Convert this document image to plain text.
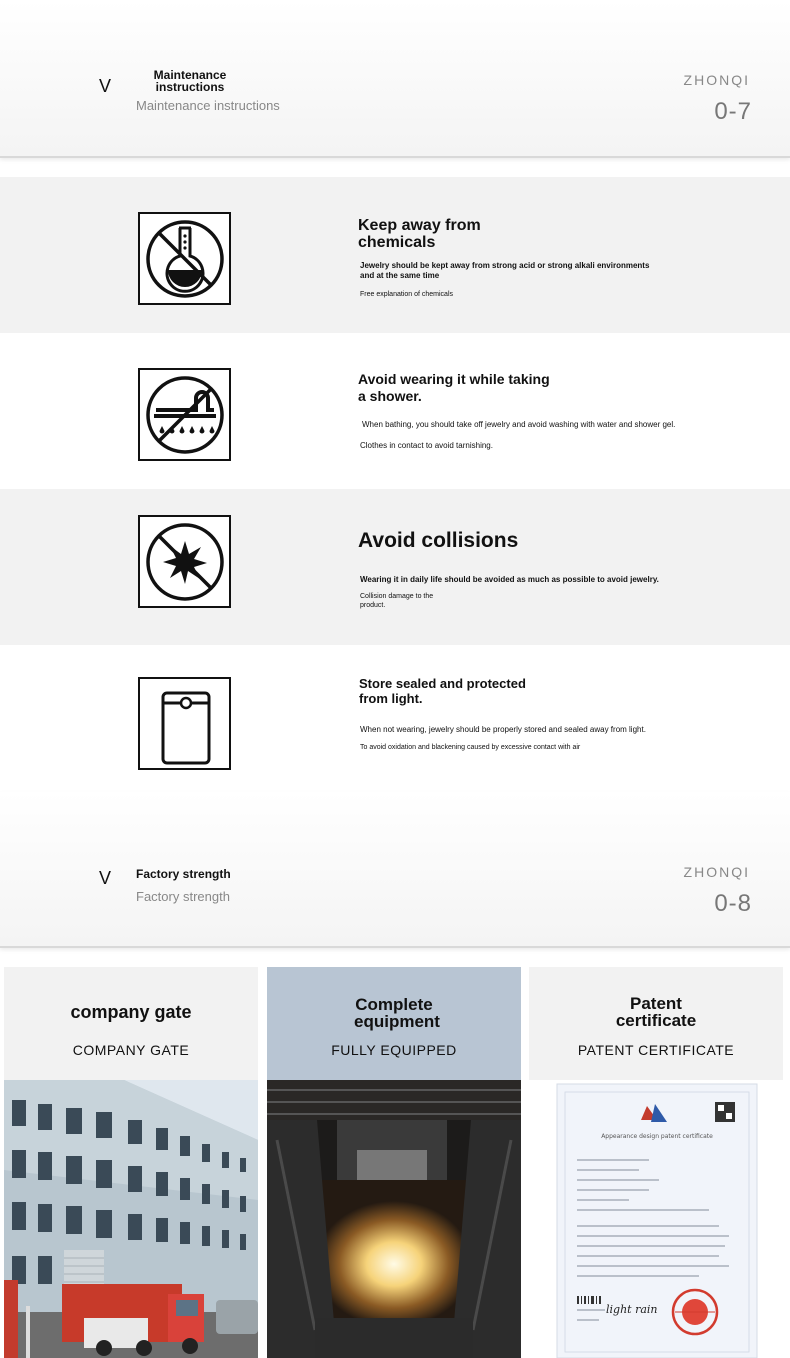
V
Maintenance instructions
Maintenance instructions
ZHONQI
0-7
Keep away from chemicals
Jewelry should be kept away from strong acid or strong alkali environments and at the same time
Free explanation of chemicals
Avoid wearing it while taking a shower.
When bathing, you should take off jewelry and avoid washing with water and shower gel.
Clothes in contact to avoid tarnishing.
Avoid collisions
Wearing it in daily life should be avoided as much as possible to avoid jewelry.
Collision damage to the product.
Store sealed and protected from light.
When not wearing, jewelry should be properly stored and sealed away from light.
To avoid oxidation and blackening caused by excessive contact with air
V Factory strength
Factory strength
ZHONQI
0-8
company gate
COMPANY GATE
Complete equipment
FULLY EQUIPPED
Patent certificate
PATENT CERTIFICATE
Appearance design patent certificate
light rain
